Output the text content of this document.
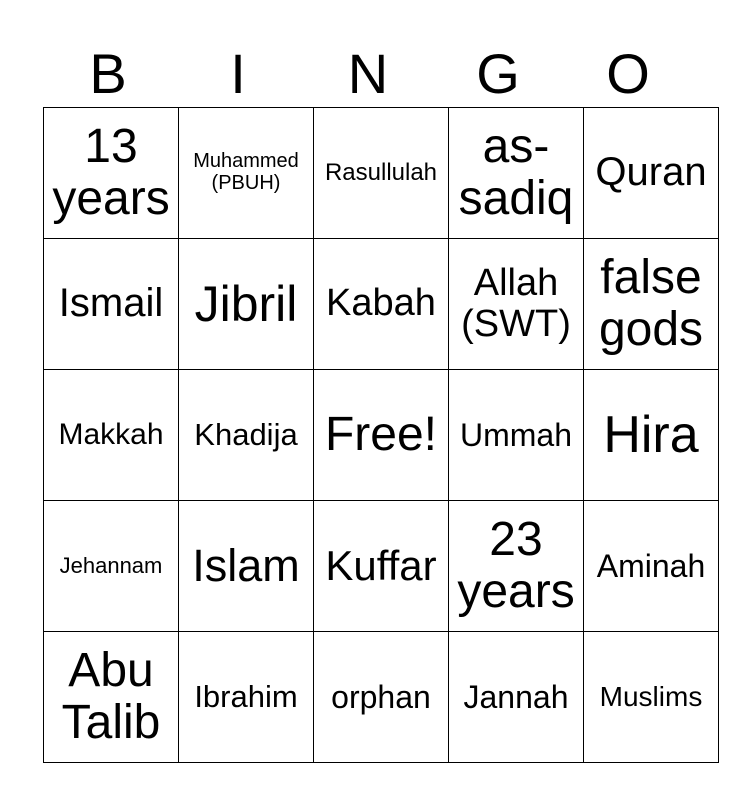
B	I	N	G	O
13 years	Muhammed (PBUH)	Rasullulah	as-sadiq	Quran
Ismail	Jibril	Kabah	Allah (SWT)	false gods
Makkah	Khadija	Free!	Ummah	Hira
Jehannam	Islam	Kuffar	23 years	Aminah
Abu Talib	Ibrahim	orphan	Jannah	Muslims
